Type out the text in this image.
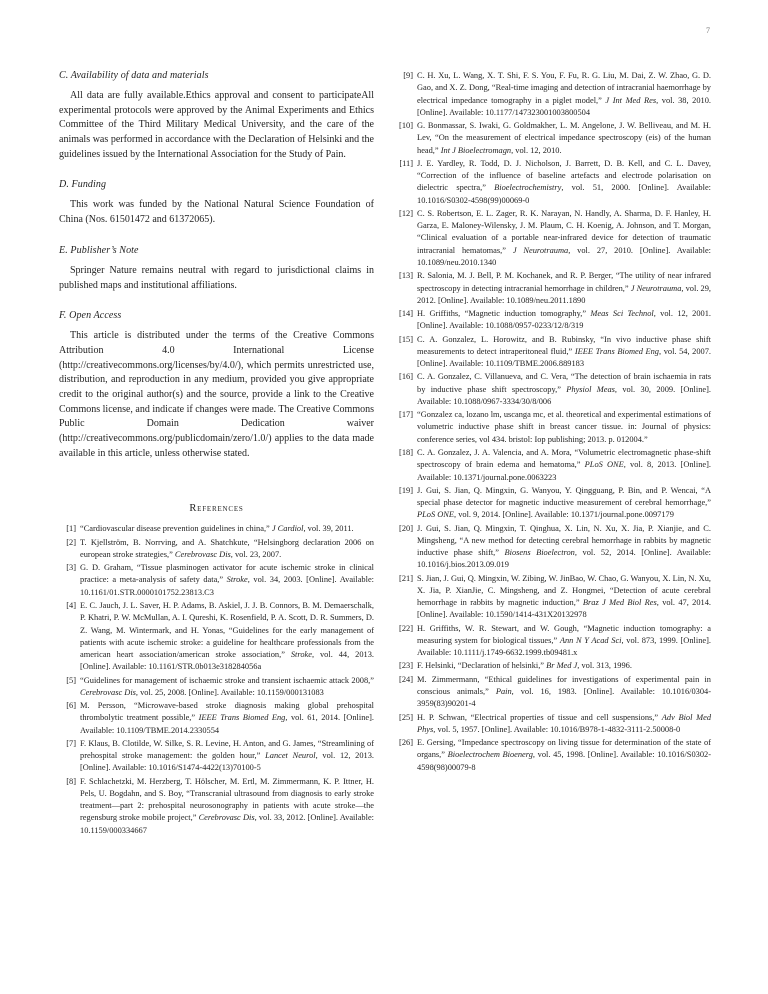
7
C. Availability of data and materials

All data are fully available.Ethics approval and consent to participateAll experimental protocols were approved by the Animal Experiments and Ethics Committee of the Third Military Medical University, and the care of the animals was performed in accordance with the Declaration of Helsinki and the guidelines issued by the International Association for the Study of Pain.

D. Funding

This work was funded by the National Natural Science Foundation of China (Nos. 61501472 and 61372065).

E. Publisher’s Note

Springer Nature remains neutral with regard to jurisdictional claims in published maps and institutional affiliations.

F. Open Access

This article is distributed under the terms of the Creative Commons Attribution 4.0 International License (http://creativecommons.org/licenses/by/4.0/), which permits unrestricted use, distribution, and reproduction in any medium, provided you give appropriate credit to the original author(s) and the source, provide a link to the Creative Commons license, and indicate if changes were made. The Creative Commons Public Domain Dedication waiver (http://creativecommons.org/publicdomain/zero/1.0/) applies to the data made available in this article, unless otherwise stated.

References
[1] “Cardiovascular disease prevention guidelines in china,” J Cardiol, vol. 39, 2011.
[2] T. Kjellström, B. Norrving, and A. Shatchkute, “Helsingborg declaration 2006 on european stroke strategies,” Cerebrovasc Dis, vol. 23, 2007.
[3] G. D. Graham, “Tissue plasminogen activator for acute ischemic stroke in clinical practice: a meta-analysis of safety data,” Stroke, vol. 34, 2003. [Online]. Available: 10.1161/01.STR.0000101752.23813.C3
[4] E. C. Jauch, J. L. Saver, H. P. Adams, B. Askiel, J. J. B. Connors, B. M. Demaerschalk, P. Khatri, P. W. McMullan, A. I. Qureshi, K. Rosenfield, P. A. Scott, D. R. Summers, D. Z. Wang, M. Wintermark, and H. Yonas, “Guidelines for the early management of patients with acute ischemic stroke: a guideline for healthcare professionals from the american heart association/american stroke association,” Stroke, vol. 44, 2013. [Online]. Available: 10.1161/STR.0b013e318284056a
[5] “Guidelines for management of ischaemic stroke and transient ischaemic attack 2008,” Cerebrovasc Dis, vol. 25, 2008. [Online]. Available: 10.1159/000131083
[6] M. Persson, “Microwave-based stroke diagnosis making global prehospital thrombolytic treatment possible,” IEEE Trans Biomed Eng, vol. 61, 2014. [Online]. Available: 10.1109/TBME.2014.2330554
[7] F. Klaus, B. Clotilde, W. Silke, S. R. Levine, H. Anton, and G. James, “Streamlining of prehospital stroke management: the golden hour,” Lancet Neurol, vol. 12, 2013. [Online]. Available: 10.1016/S1474-4422(13)70100-5
[8] F. Schlachetzki, M. Herzberg, T. Hölscher, M. Ertl, M. Zimmermann, K. P. Ittner, H. Pels, U. Bogdahn, and S. Boy, “Transcranial ultrasound from diagnosis to early stroke treatment—part 2: prehospital neurosonography in patients with acute stroke—the regensburg stroke mobile project,” Cerebrovasc Dis, vol. 33, 2012. [Online]. Available: 10.1159/000334667
[9] C. H. Xu, L. Wang, X. T. Shi, F. S. You, F. Fu, R. G. Liu, M. Dai, Z. W. Zhao, G. D. Gao, and X. Z. Dong, “Real-time imaging and detection of intracranial haemorrhage by electrical impedance tomography in a piglet model,” J Int Med Res, vol. 38, 2010. [Online]. Available: 10.1177/147323001003800504
[10] G. Bonmassar, S. Iwaki, G. Goldmakher, L. M. Angelone, J. W. Belliveau, and M. H. Lev, “On the measurement of electrical impedance spectroscopy (eis) of the human head,” Int J Bioelectromagn, vol. 12, 2010.
[11] J. E. Yardley, R. Todd, D. J. Nicholson, J. Barrett, D. B. Kell, and C. L. Davey, “Correction of the influence of baseline artefacts and electrode polarisation on dielectric spectra,” Bioelectrochemistry, vol. 51, 2000. [Online]. Available: 10.1016/S0302-4598(99)00069-0
[12] C. S. Robertson, E. L. Zager, R. K. Narayan, N. Handly, A. Sharma, D. F. Hanley, H. Garza, E. Maloney-Wilensky, J. M. Plaum, C. H. Koenig, A. Johnson, and T. Morgan, “Clinical evaluation of a portable near-infrared device for detection of traumatic intracranial hematomas,” J Neurotrauma, vol. 27, 2010. [Online]. Available: 10.1089/neu.2010.1340
[13] R. Salonia, M. J. Bell, P. M. Kochanek, and R. P. Berger, “The utility of near infrared spectroscopy in detecting intracranial hemorrhage in children,” J Neurotrauma, vol. 29, 2012. [Online]. Available: 10.1089/neu.2011.1890
[14] H. Griffiths, “Magnetic induction tomography,” Meas Sci Technol, vol. 12, 2001. [Online]. Available: 10.1088/0957-0233/12/8/319
[15] C. A. Gonzalez, L. Horowitz, and B. Rubinsky, “In vivo inductive phase shift measurements to detect intraperitoneal fluid,” IEEE Trans Biomed Eng, vol. 54, 2007. [Online]. Available: 10.1109/TBME.2006.889183
[16] C. A. Gonzalez, C. Villanueva, and C. Vera, “The detection of brain ischaemia in rats by inductive phase shift spectroscopy,” Physiol Meas, vol. 30, 2009. [Online]. Available: 10.1088/0967-3334/30/8/006
[17] “Gonzalez ca, lozano lm, uscanga mc, et al. theoretical and experimental estimations of volumetric inductive phase shift in breast cancer tissue. in: Journal of physics: conference series, vol 434. bristol: Iop publishing; 2013. p. 012004.”
[18] C. A. Gonzalez, J. A. Valencia, and A. Mora, “Volumetric electromagnetic phase-shift spectroscopy of brain edema and hematoma,” PLoS ONE, vol. 8, 2013. [Online]. Available: 10.1371/journal.pone.0063223
[19] J. Gui, S. Jian, Q. Mingxin, G. Wanyou, Y. Qingguang, P. Bin, and P. Wencai, “A special phase detector for magnetic inductive measurement of cerebral hemorrhage,” PLoS ONE, vol. 9, 2014. [Online]. Available: 10.1371/journal.pone.0097179
[20] J. Gui, S. Jian, Q. Mingxin, T. Qinghua, X. Lin, N. Xu, X. Jia, P. Xianjie, and C. Mingsheng, “A new method for detecting cerebral hemorrhage in rabbits by magnetic inductive phase shift,” Biosens Bioelectron, vol. 52, 2014. [Online]. Available: 10.1016/j.bios.2013.09.019
[21] S. Jian, J. Gui, Q. Mingxin, W. Zibing, W. JinBao, W. Chao, G. Wanyou, X. Lin, N. Xu, X. Jia, P. XianJie, C. Mingsheng, and Z. Hongmei, “Detection of acute cerebral hemorrhage in rabbits by magnetic induction,” Braz J Med Biol Res, vol. 47, 2014. [Online]. Available: 10.1590/1414-431X20132978
[22] H. Griffiths, W. R. Stewart, and W. Gough, “Magnetic induction tomography: a measuring system for biological tissues,” Ann N Y Acad Sci, vol. 873, 1999. [Online]. Available: 10.1111/j.1749-6632.1999.tb09481.x
[23] F. Helsinki, “Declaration of helsinki,” Br Med J, vol. 313, 1996.
[24] M. Zimmermann, “Ethical guidelines for investigations of experimental pain in conscious animals,” Pain, vol. 16, 1983. [Online]. Available: 10.1016/0304-3959(83)90201-4
[25] H. P. Schwan, “Electrical properties of tissue and cell suspensions,” Adv Biol Med Phys, vol. 5, 1957. [Online]. Available: 10.1016/B978-1-4832-3111-2.50008-0
[26] E. Gersing, “Impedance spectroscopy on living tissue for determination of the state of organs,” Bioelectrochem Bioenerg, vol. 45, 1998. [Online]. Available: 10.1016/S0302-4598(98)00079-8
